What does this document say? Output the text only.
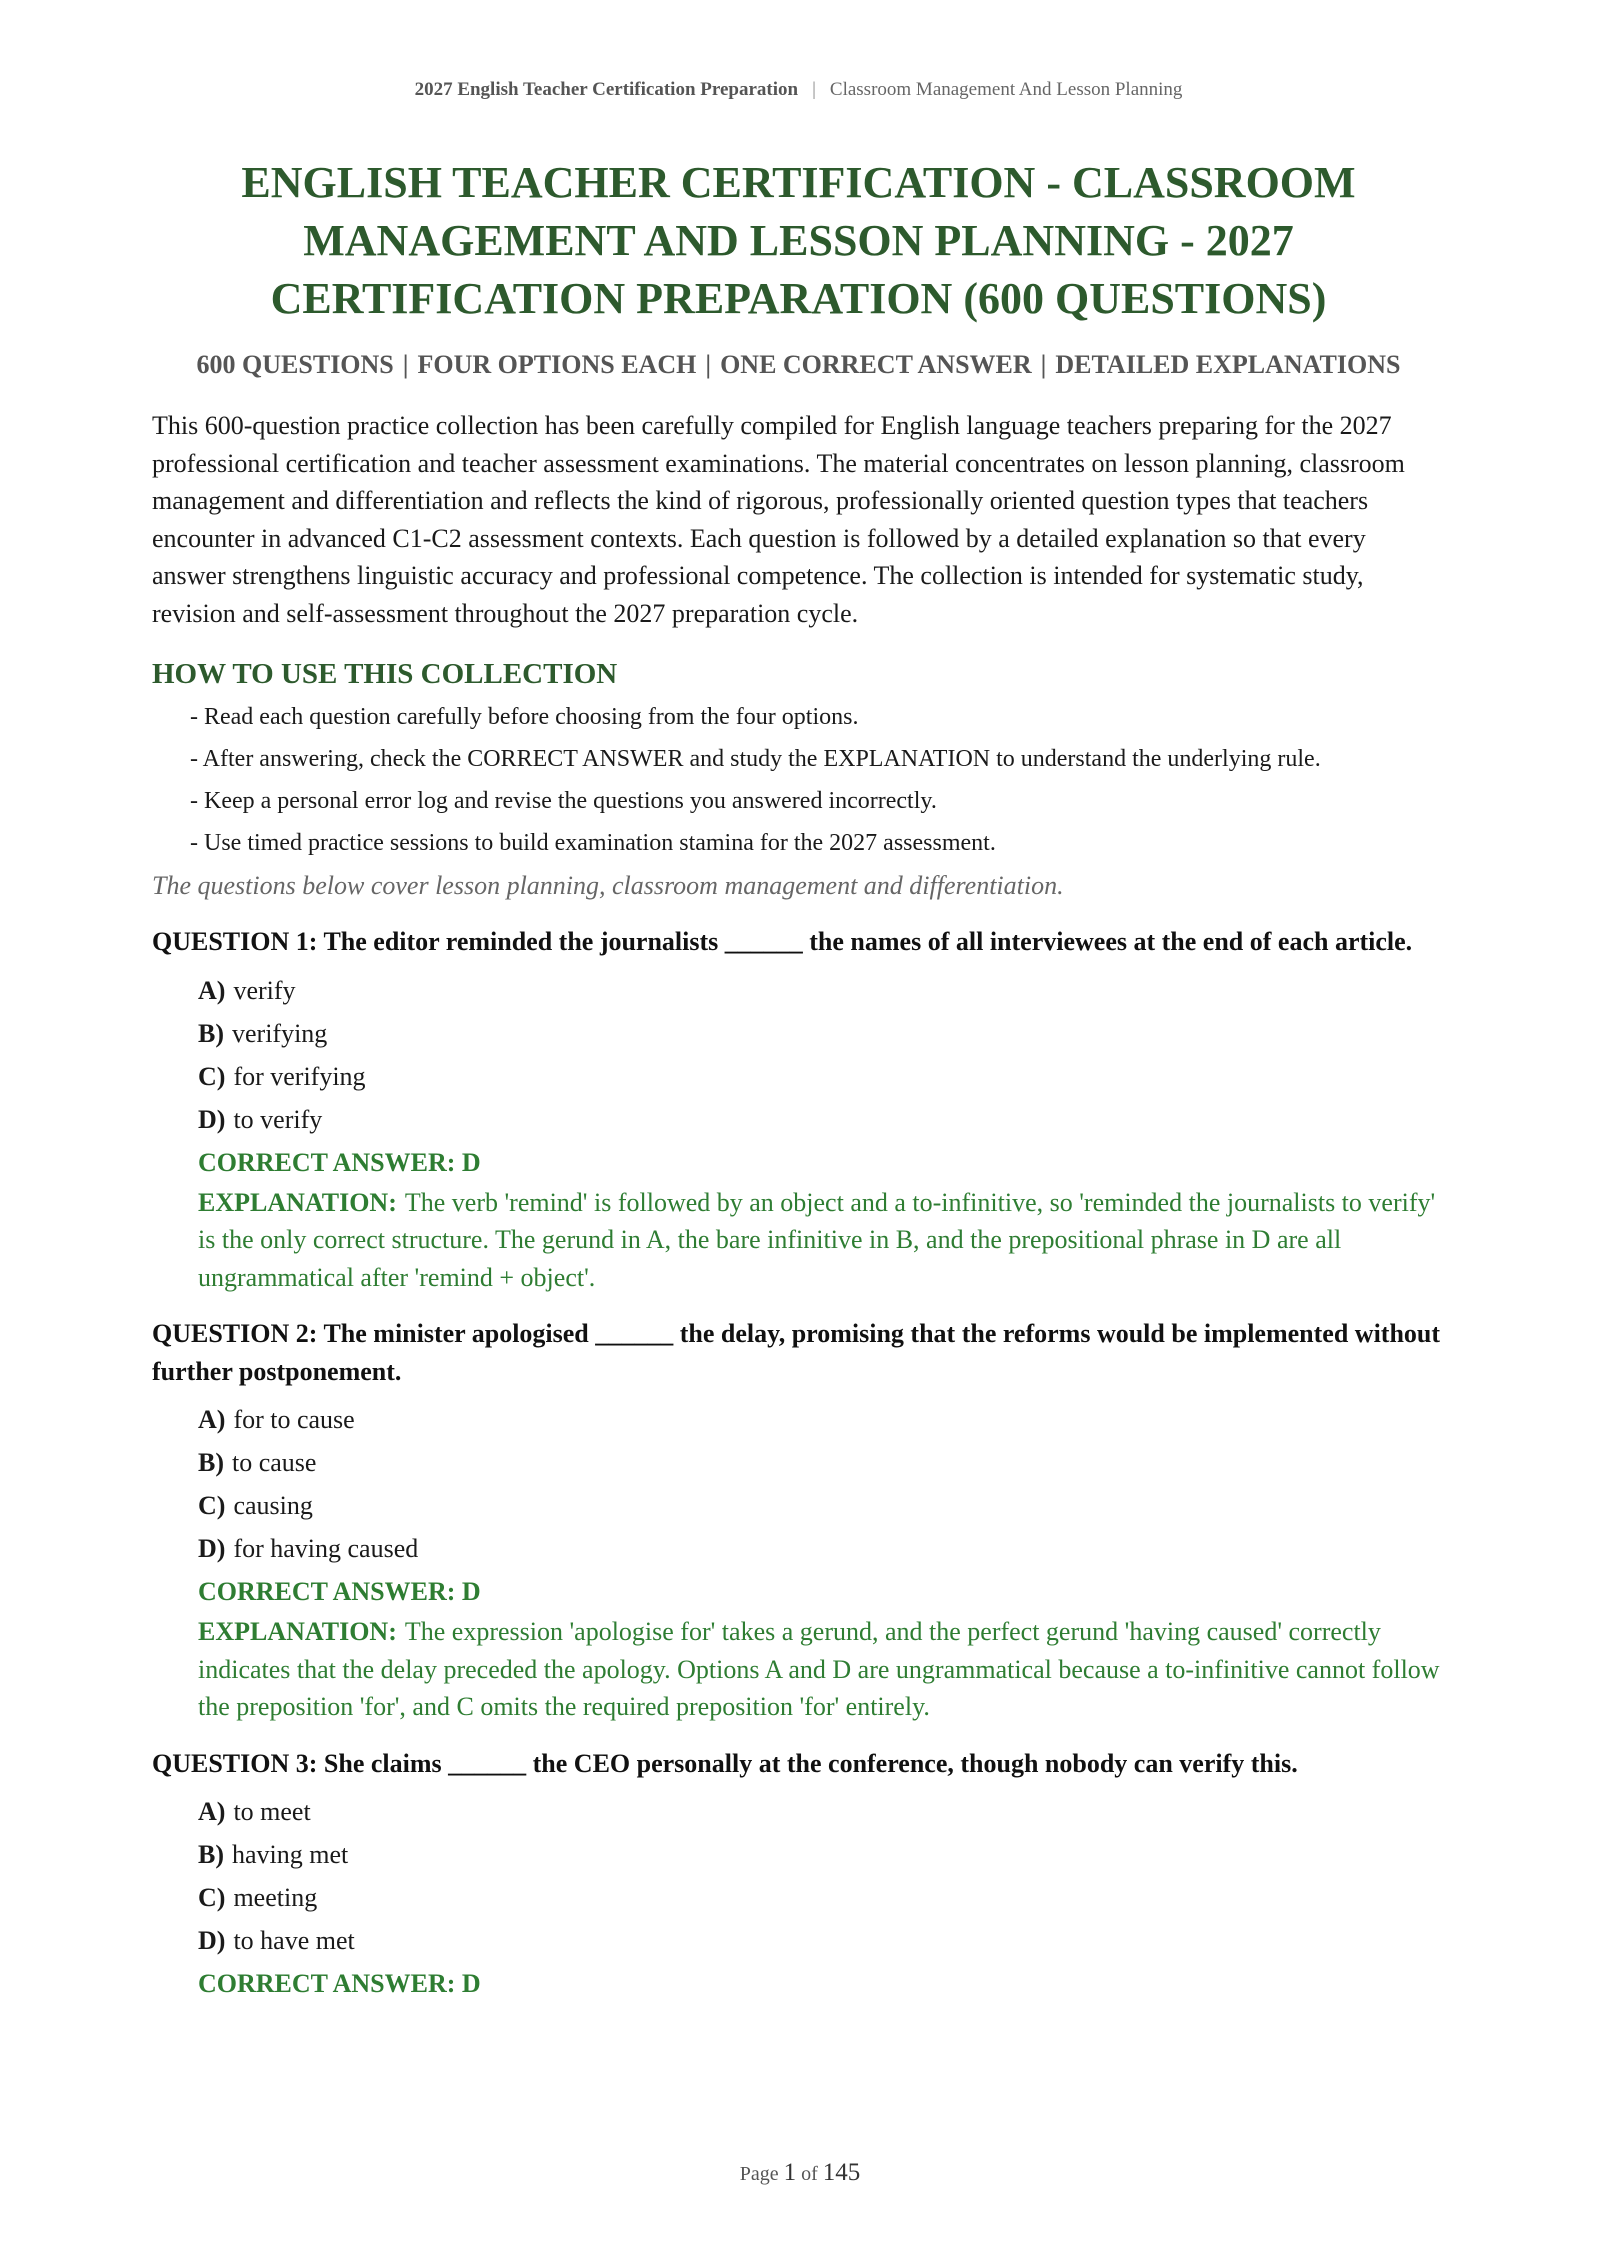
2027 English Teacher Certification Preparation | Classroom Management And Lesson Planning
ENGLISH TEACHER CERTIFICATION - CLASSROOM MANAGEMENT AND LESSON PLANNING - 2027 CERTIFICATION PREPARATION (600 QUESTIONS)
600 QUESTIONS | FOUR OPTIONS EACH | ONE CORRECT ANSWER | DETAILED EXPLANATIONS

This 600-question practice collection has been carefully compiled for English language teachers preparing for the 2027 professional certification and teacher assessment examinations. The material concentrates on lesson planning, classroom management and differentiation and reflects the kind of rigorous, professionally oriented question types that teachers encounter in advanced C1-C2 assessment contexts. Each question is followed by a detailed explanation so that every answer strengthens linguistic accuracy and professional competence. The collection is intended for systematic study, revision and self-assessment throughout the 2027 preparation cycle.

HOW TO USE THIS COLLECTION
- Read each question carefully before choosing from the four options.
- After answering, check the CORRECT ANSWER and study the EXPLANATION to understand the underlying rule.
- Keep a personal error log and revise the questions you answered incorrectly.
- Use timed practice sessions to build examination stamina for the 2027 assessment.
The questions below cover lesson planning, classroom management and differentiation.
QUESTION 1: The editor reminded the journalists ______ the names of all interviewees at the end of each article.
A) verify
B) verifying
C) for verifying
D) to verify
CORRECT ANSWER: D
EXPLANATION: The verb 'remind' is followed by an object and a to-infinitive, so 'reminded the journalists to verify' is the only correct structure. The gerund in A, the bare infinitive in B, and the prepositional phrase in D are all ungrammatical after 'remind + object'.
QUESTION 2: The minister apologised ______ the delay, promising that the reforms would be implemented without further postponement.
A) for to cause
B) to cause
C) causing
D) for having caused
CORRECT ANSWER: D
EXPLANATION: The expression 'apologise for' takes a gerund, and the perfect gerund 'having caused' correctly indicates that the delay preceded the apology. Options A and D are ungrammatical because a to-infinitive cannot follow the preposition 'for', and C omits the required preposition 'for' entirely.
QUESTION 3: She claims ______ the CEO personally at the conference, though nobody can verify this.
A) to meet
B) having met
C) meeting
D) to have met
CORRECT ANSWER: D
Page 1 of 145
